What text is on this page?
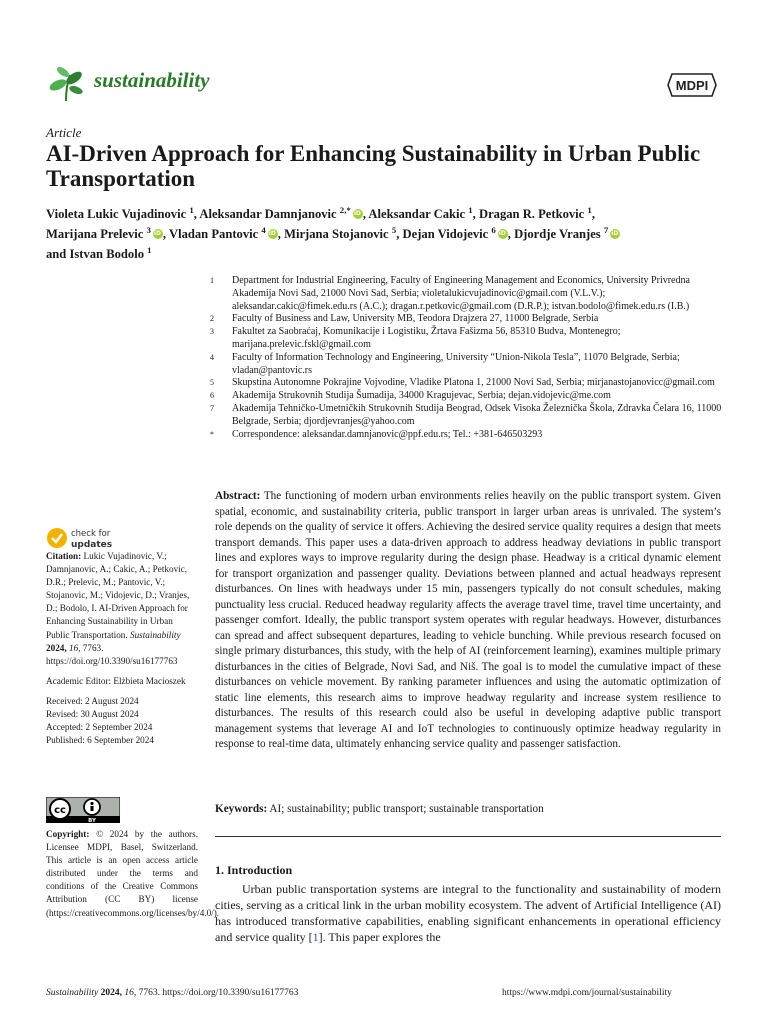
sustainability	MDPI
Article
AI-Driven Approach for Enhancing Sustainability in Urban Public Transportation
Violeta Lukic Vujadinovic $^1$, Aleksandar Damnjanovic $^{2,*}$ iD , Aleksandar Cakic $^1$, Dragan R. Petkovic $^1$,
Marijana Prelevic $^3$ iD , Vladan Pantovic $^4$ iD , Mirjana Stojanovic $^5$, Dejan Vidojevic $^6$ iD , Djordje Vranjes $^7$iD
and Istvan Bodolo $^1$
1	Department for Industrial Engineering, Faculty of Engineering Management and Economics, University Privredna Akademija Novi Sad, 21000 Novi Sad, Serbia; violetalukicvujadinovic@gmail.com (V.L.V.); aleksandar.cakic@fimek.edu.rs (A.C.); dragan.r.petkovic@gmail.com (D.R.P.); istvan.bodolo@fimek.edu.rs (I.B.)
2	Faculty of Business and Law, University MB, Teodora Drajzera 27, 11000 Belgrade, Serbia
3	Fakultet za Saobraćaj, Komunikacije i Logistiku, Žrtava Fašizma 56, 85310 Budva, Montenegro; marijana.prelevic.fskl@gmail.com
4	Faculty of Information Technology and Engineering, University “Union-Nikola Tesla”, 11070 Belgrade, Serbia; vladan@pantovic.rs
5	Skupstina Autonomne Pokrajine Vojvodine, Vladike Platona 1, 21000 Novi Sad, Serbia; mirjanastojanovicc@gmail.com
6	Akademija Strukovnih Studija Šumadija, 34000 Kragujevac, Serbia; dejan.vidojevic@me.com
7	Akademija Tehničko-Umetničkih Strukovnih Studija Beograd, Odsek Visoka Železnička Škola, Zdravka Čelara 16, 11000 Belgrade, Serbia; djordjevranjes@yahoo.com
*	Correspondence: aleksandar.damnjanovic@ppf.edu.rs; Tel.: +381-646503293
check for
updates

Citation: Lukic Vujadinovic, V.; Damnjanovic, A.; Cakic, A.; Petkovic, D.R.; Prelevic, M.; Pantovic, V.; Stojanovic, M.; Vidojevic, D.; Vranjes, D.; Bodolo, I. AI-Driven Approach for Enhancing Sustainability in Urban Public Transportation. Sustainability 2024, 16, 7763. https://doi.org/10.3390/su16177763

Academic Editor: Elżbieta Macioszek

Received: 2 August 2024

Revised: 30 August 2024

Accepted: 2 September 2024

Published: 6 September 2024

cc
BY
Copyright: © 2024 by the authors. Licensee MDPI, Basel, Switzerland. This article is an open access article distributed under the terms and conditions of the Creative Commons Attribution (CC BY) license (https://creativecommons.org/licenses/by/4.0/).

Abstract: The functioning of modern urban environments relies heavily on the public transport system. Given spatial, economic, and sustainability criteria, public transport in larger urban areas is unrivaled. The system’s role depends on the quality of service it offers. Achieving the desired service quality requires a design that meets transport demands. This paper uses a data-driven approach to address headway deviations in public transport lines and explores ways to improve regularity during the design phase. Headway is a critical dynamic element for transport organization and passenger quality. Deviations between planned and actual headways represent disturbances. On lines with headways under 15 min, passengers typically do not consult schedules, making punctuality less crucial. Reduced headway regularity affects the average travel time, travel time uncertainty, and passenger comfort. Ideally, the public transport system operates with regular headways. However, disturbances can spread and affect subsequent departures, leading to vehicle bunching. While previous research focused on single primary disturbances, this study, with the help of AI (reinforcement learning), examines multiple primary disturbances in the cities of Belgrade, Novi Sad, and Niš. The goal is to model the cumulative impact of these disturbances on vehicle movement. By ranking parameter influences and using the automatic optimization of static line elements, this research aims to improve headway regularity and increase system resilience to disturbances. The results of this research could also be useful in developing adaptive public transport management systems that leverage AI and IoT technologies to continuously optimize headway regularity in response to real-time data, ultimately enhancing service quality and passenger satisfaction.

Keywords: AI; sustainability; public transport; sustainable transportation
1. Introduction

Urban public transportation systems are integral to the functionality and sustainability of modern cities, serving as a critical link in the urban mobility ecosystem. The advent of Artificial Intelligence (AI) has introduced transformative capabilities, enabling significant enhancements in operational efficiency and service quality [1]. This paper explores the

Sustainability 2024, 16, 7763. https://doi.org/10.3390/su16177763	https://www.mdpi.com/journal/sustainability
